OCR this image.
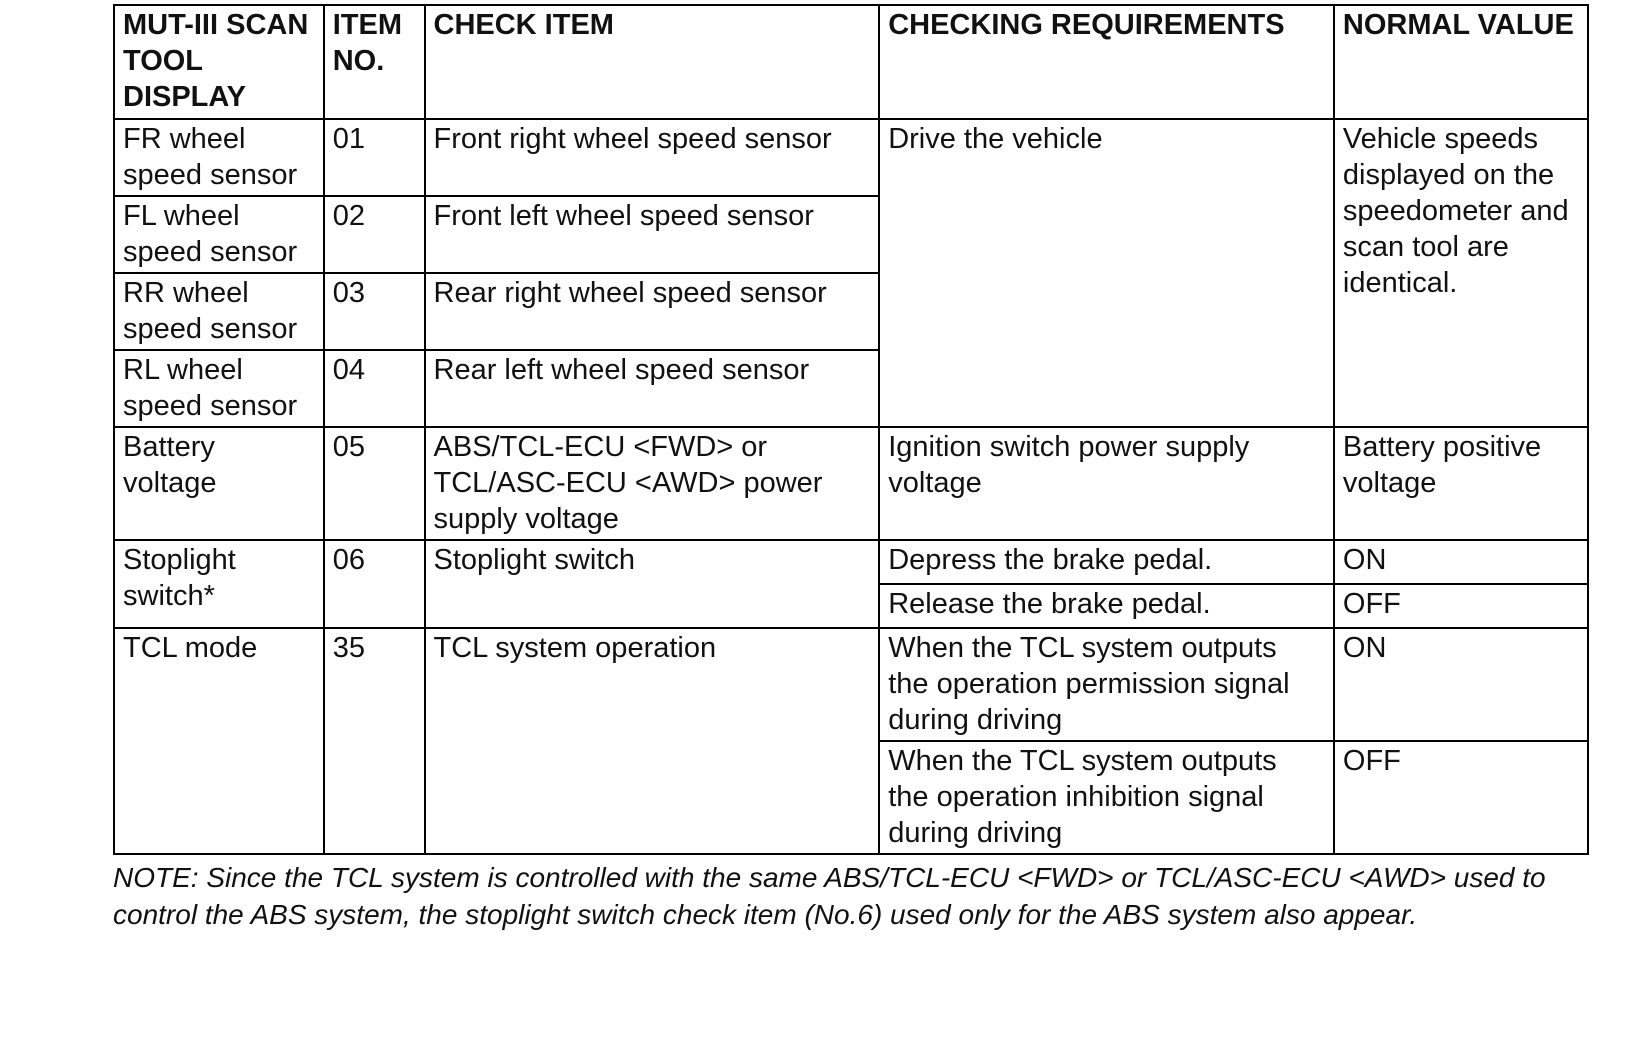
MUT-III SCAN TOOL DISPLAY	ITEM NO.	CHECK ITEM	CHECKING REQUIREMENTS	NORMAL VALUE
FR wheel speed sensor	01	Front right wheel speed sensor	Drive the vehicle	Vehicle speeds displayed on the speedometer and scan tool are identical.
FL wheel speed sensor	02	Front left wheel speed sensor		
RR wheel speed sensor	03	Rear right wheel speed sensor		
RL wheel speed sensor	04	Rear left wheel speed sensor		
Battery voltage	05	ABS/TCL-ECU <FWD> or TCL/ASC-ECU <AWD> power supply voltage	Ignition switch power supply voltage	Battery positive voltage
Stoplight switch*	06	Stoplight switch	Depress the brake pedal.	ON
			Release the brake pedal.	OFF
TCL mode	35	TCL system operation	When the TCL system outputs the operation permission signal during driving	ON
			When the TCL system outputs the operation inhibition signal during driving	OFF
NOTE: Since the TCL system is controlled with the same ABS/TCL-ECU <FWD> or TCL/ASC-ECU <AWD> used to control the ABS system, the stoplight switch check item (No.6) used only for the ABS system also appear.
